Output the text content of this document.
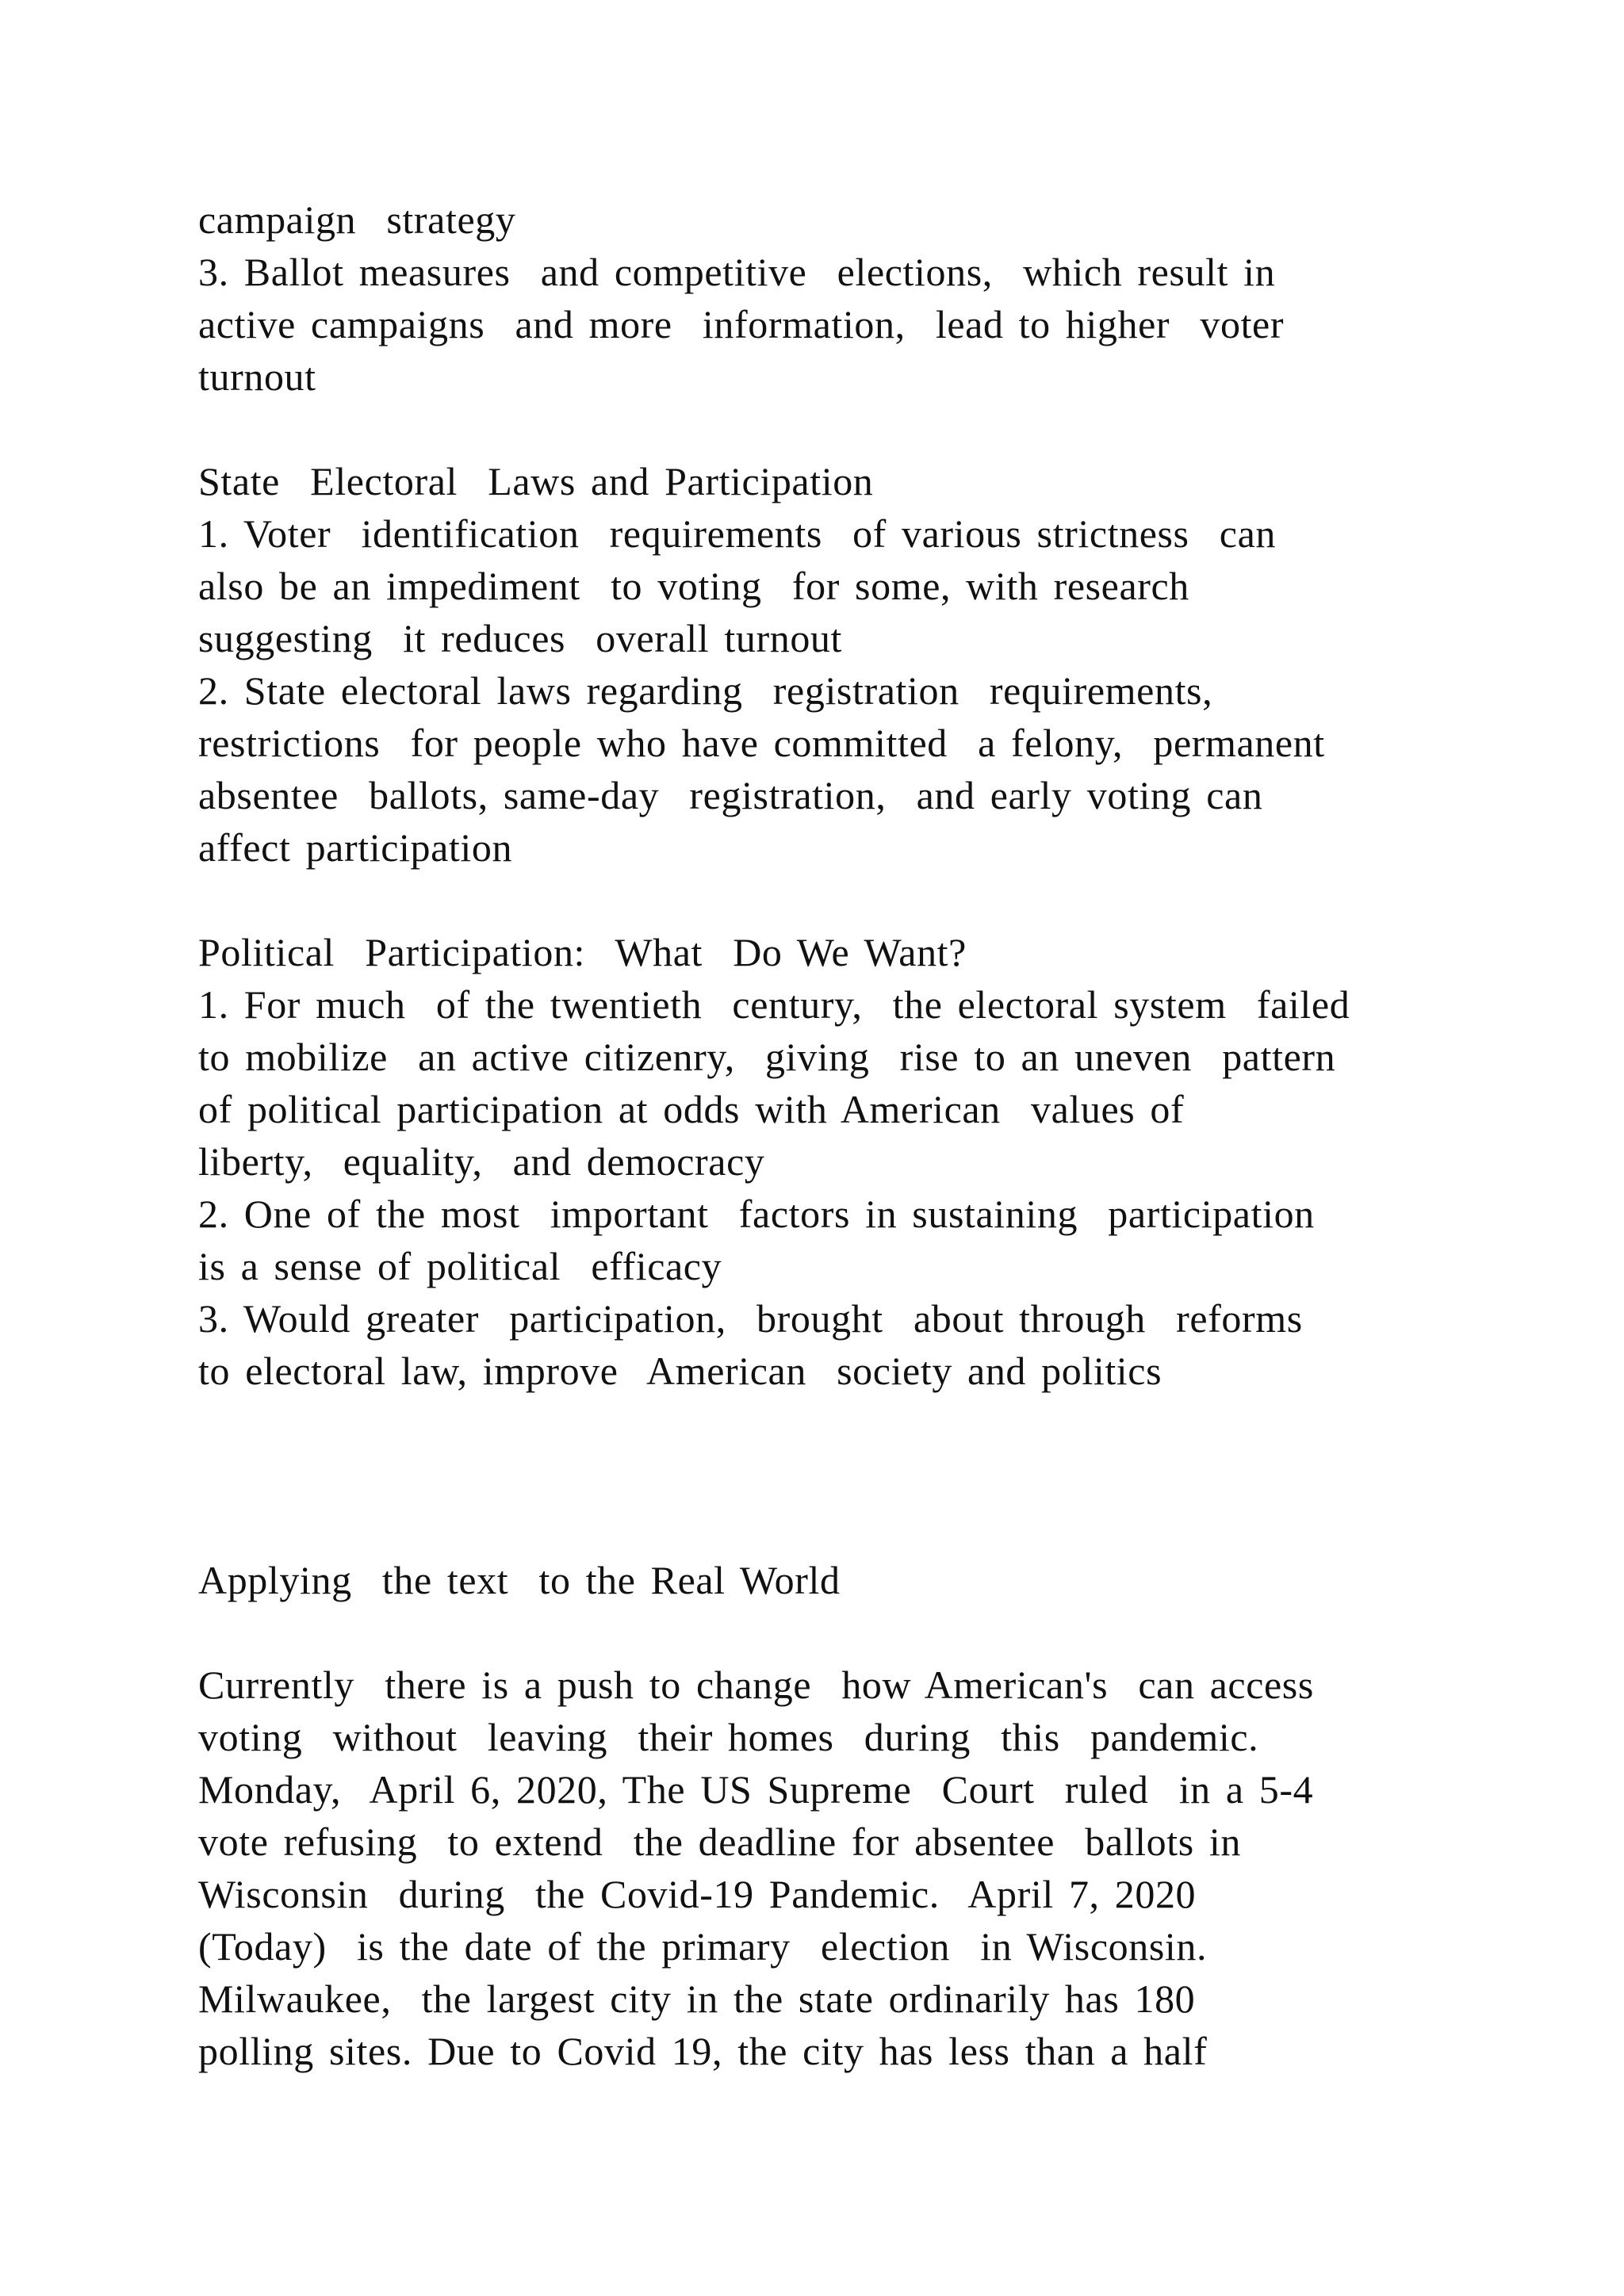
campaign  strategy
3. Ballot measures  and competitive  elections,  which result in
active campaigns  and more  information,  lead to higher  voter
turnout
State  Electoral  Laws and Participation
1. Voter  identification  requirements  of various strictness  can
also be an impediment  to voting  for some, with research
suggesting  it reduces  overall turnout
2. State electoral laws regarding  registration  requirements,
restrictions  for people who have committed  a felony,  permanent
absentee  ballots, same-day  registration,  and early voting can
affect participation
Political  Participation:  What  Do We Want?
1. For much  of the twentieth  century,  the electoral system  failed
to mobilize  an active citizenry,  giving  rise to an uneven  pattern
of political participation at odds with American  values of
liberty,  equality,  and democracy
2. One of the most  important  factors in sustaining  participation
is a sense of political  efficacy
3. Would greater  participation,  brought  about through  reforms
to electoral law, improve  American  society and politics
Applying  the text  to the Real World
Currently  there is a push to change  how American's  can access
voting  without  leaving  their homes  during  this  pandemic.
Monday,  April 6, 2020, The US Supreme  Court  ruled  in a 5-4
vote refusing  to extend  the deadline for absentee  ballots in
Wisconsin  during  the Covid-19 Pandemic.  April 7, 2020
(Today)  is the date of the primary  election  in Wisconsin.
Milwaukee,  the largest city in the state ordinarily has 180
polling sites. Due to Covid 19, the city has less than a half
